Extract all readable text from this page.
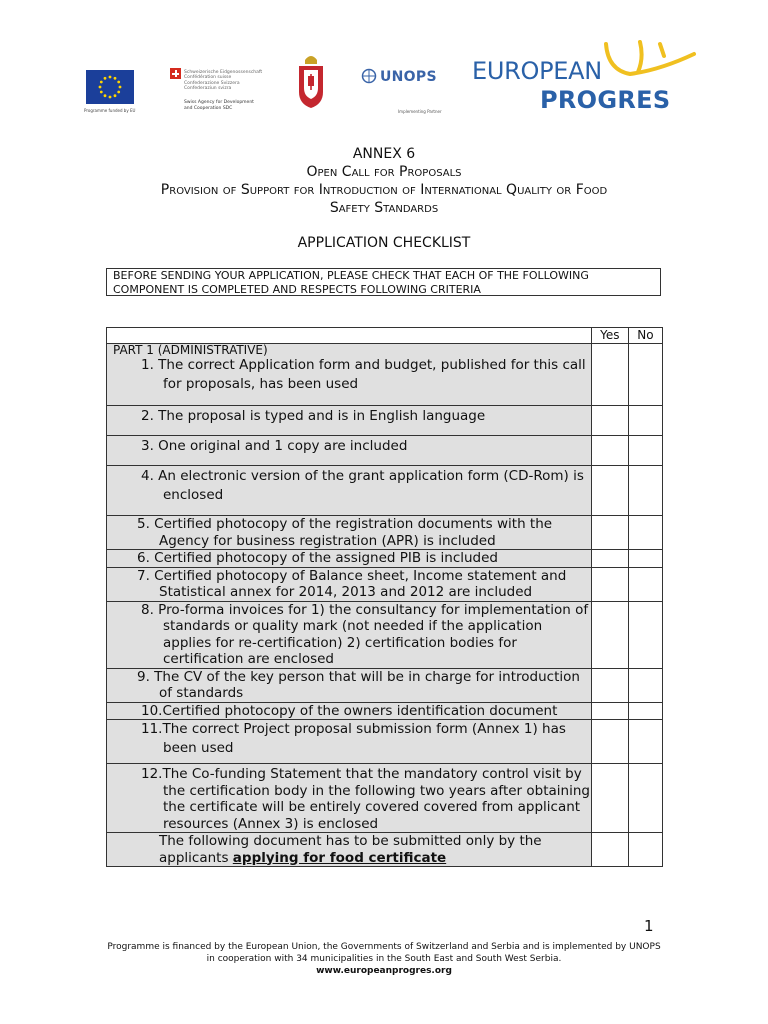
Programme funded by EU
Schweizerische Eidgenossenschaft
Confédération suisse
Confederazione Svizzera
Confederaziun svizra
Swiss Agency for Development
and Cooperation SDC
UNOPS
Implementing Partner
EUROPEAN
PROGRES
ANNEX 6
Open Call for Proposals
Provision of Support for Introduction of International Quality or Food
Safety Standards
APPLICATION CHECKLIST
BEFORE SENDING YOUR APPLICATION, PLEASE CHECK THAT EACH OF THE FOLLOWING
COMPONENT IS COMPLETED AND RESPECTS FOLLOWING CRITERIA
	Yes	No

PART 1 (ADMINISTRATIVE)
1. The correct Application form and budget, published for this call for proposals, has been used		

2. The proposal is typed and is in English language		

3. One original and 1 copy are included		

4. An electronic version of the grant application form (CD-Rom) is enclosed		

5. Certified photocopy of the registration documents with the Agency for business registration (APR) is included		

6. Certified photocopy of the assigned PIB is included		

7. Certified photocopy of Balance sheet, Income statement and Statistical annex for 2014, 2013 and 2012 are included		

8. Pro-forma invoices for 1) the consultancy for implementation of standards or quality mark (not needed if the application applies for re-certification) 2) certification bodies for certification are enclosed		

9. The CV of the key person that will be in charge for introduction of standards		

10.Certified photocopy of the owners identification document		

11.The correct Project proposal submission form (Annex 1) has been used		

12.The Co-funding Statement that the mandatory control visit by the certification body in the following two years after obtaining the certificate will be entirely covered covered from applicant resources (Annex 3) is enclosed		

The following document has to be submitted only by the applicants applying for food certificate		

1
Programme is financed by the European Union, the Governments of Switzerland and Serbia and is implemented by UNOPS
in cooperation with 34 municipalities in the South East and South West Serbia.
www.europeanprogres.org
